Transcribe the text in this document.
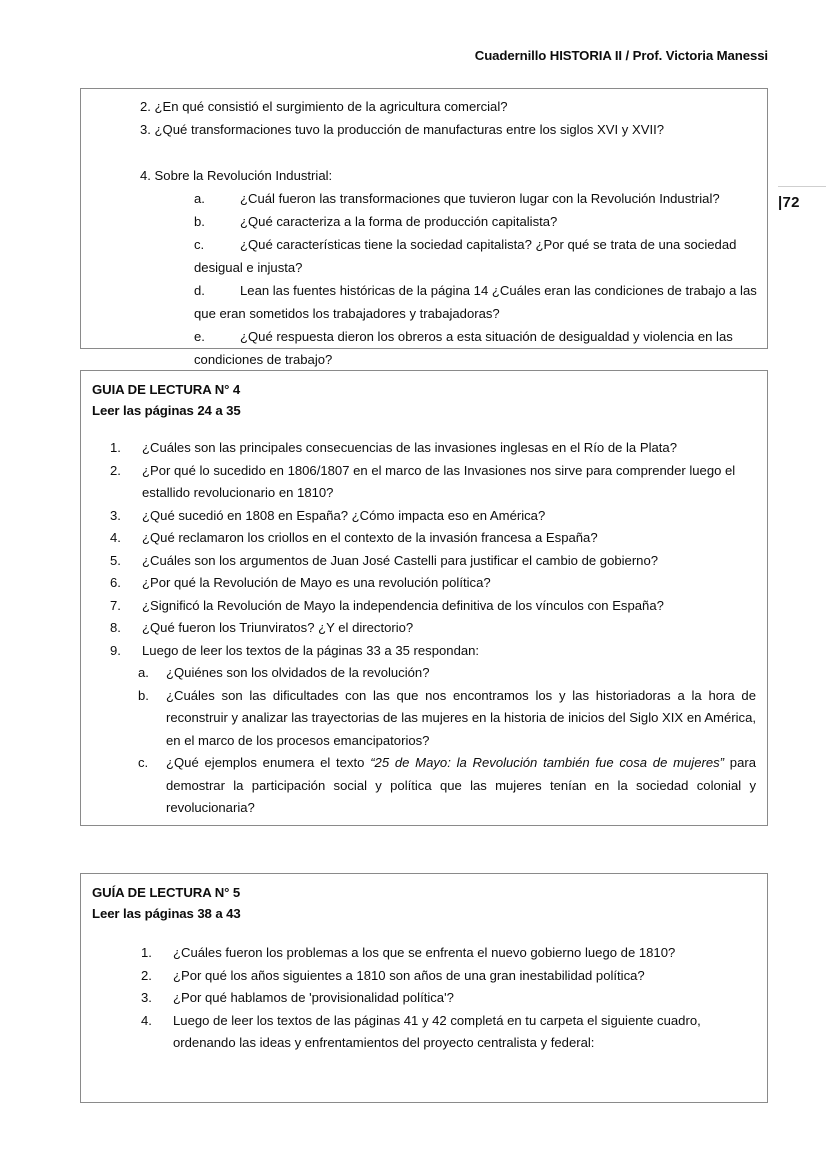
Cuadernillo HISTORIA II / Prof. Victoria Manessi
|72
2. ¿En qué consistió el surgimiento de la agricultura comercial?
3. ¿Qué transformaciones tuvo la producción de manufacturas entre los siglos XVI y XVII?
4. Sobre la Revolución Industrial:
a.	¿Cuál fueron las transformaciones que tuvieron lugar con la Revolución Industrial?
b.	¿Qué caracteriza a la forma de producción capitalista?
c.	¿Qué características tiene la sociedad capitalista? ¿Por qué se trata de una sociedad desigual e injusta?
d.	Lean las fuentes históricas de la página 14 ¿Cuáles eran las condiciones de trabajo a las que eran sometidos los trabajadores y trabajadoras?
e.	¿Qué respuesta dieron los obreros a esta situación de desigualdad y violencia en las condiciones de trabajo?
GUIA DE LECTURA N° 4
Leer las páginas 24 a 35
1.	¿Cuáles son las principales consecuencias de las invasiones inglesas en el Río de la Plata?
2.	¿Por qué lo sucedido en 1806/1807 en el marco de las Invasiones nos sirve para comprender luego el estallido revolucionario en 1810?
3.	¿Qué sucedió en 1808 en España? ¿Cómo impacta eso en América?
4.	¿Qué reclamaron los criollos en el contexto de la invasión francesa a España?
5.	¿Cuáles son los argumentos de Juan José Castelli para justificar el cambio de gobierno?
6.	¿Por qué la Revolución de Mayo es una revolución política?
7.	¿Significó la Revolución de Mayo la independencia definitiva de los vínculos con España?
8.	¿Qué fueron los Triunviratos? ¿Y el directorio?
9.	Luego de leer los textos de la páginas 33 a 35 respondan:
a.	¿Quiénes son los olvidados de la revolución?
b.	¿Cuáles son las dificultades con las que nos encontramos los y las historiadoras a la hora de reconstruir y analizar las trayectorias de las mujeres en la historia de inicios del Siglo XIX en América, en el marco de los procesos emancipatorios?
c.	¿Qué ejemplos enumera el texto “25 de Mayo: la Revolución también fue cosa de mujeres” para demostrar la participación social y política que las mujeres tenían en la sociedad colonial y revolucionaria?
GUÍA DE LECTURA N° 5
Leer las páginas 38 a 43
1.	¿Cuáles fueron los problemas a los que se enfrenta el nuevo gobierno luego de 1810?
2.	¿Por qué los años siguientes a 1810 son años de una gran inestabilidad política?
3.	¿Por qué hablamos de 'provisionalidad política'?
4.	Luego de leer los textos de las páginas 41 y 42 completá en tu carpeta el siguiente cuadro, ordenando las ideas y enfrentamientos del proyecto centralista y federal:
